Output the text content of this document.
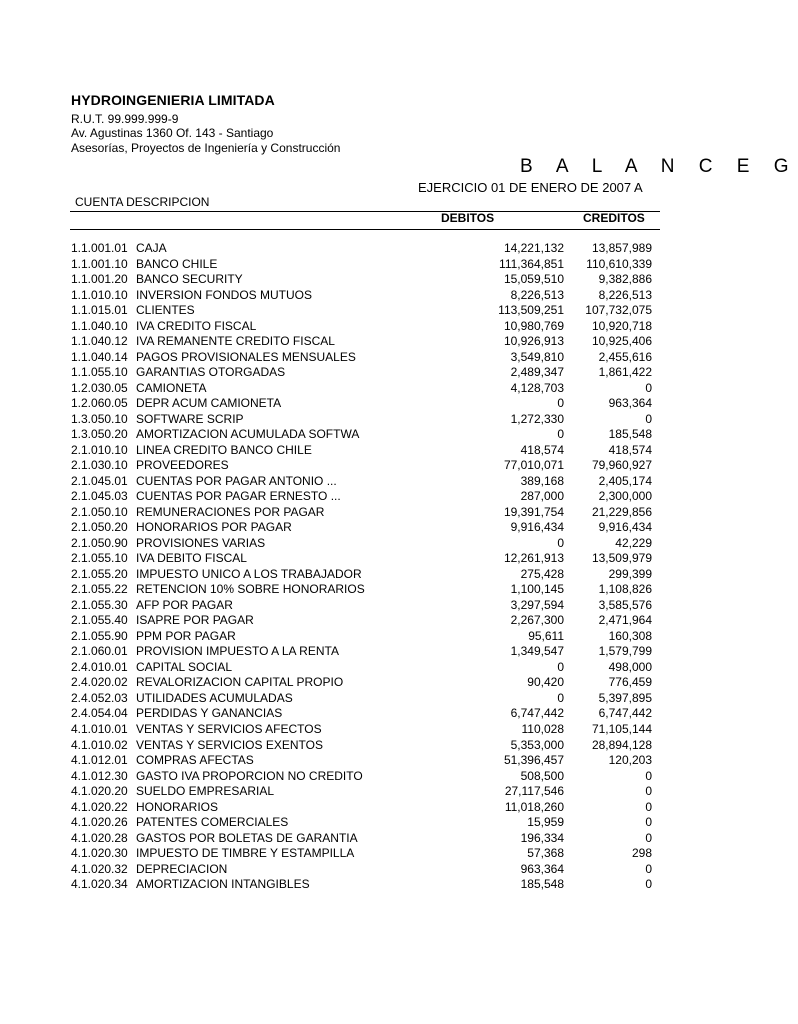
HYDROINGENIERIA LIMITADA
R.U.T. 99.999.999-9
Av. Agustinas 1360 Of. 143 - Santiago
Asesorías, Proyectos de Ingeniería y Construcción
B A L A N C E G
EJERCICIO 01 DE ENERO DE 2007 A
CUENTA DESCRIPCION
DEBITOS	CREDITOS
1.1.001.01 CAJA	14,221,132 13,857,989
1.1.001.10 BANCO CHILE	111,364,851 110,610,339
1.1.001.20 BANCO SECURITY	15,059,510	9,382,886
1.1.010.10 INVERSION FONDOS MUTUOS	8,226,513	8,226,513
1.1.015.01 CLIENTES	113,509,251 107,732,075
1.1.040.10 IVA CREDITO FISCAL	10,980,769 10,920,718
1.1.040.12 IVA REMANENTE CREDITO FISCAL	10,926,913 10,925,406
1.1.040.14 PAGOS PROVISIONALES MENSUALES	3,549,810	2,455,616
1.1.055.10 GARANTIAS OTORGADAS	2,489,347	1,861,422
1.2.030.05 CAMIONETA	4,128,703	0
1.2.060.05 DEPR ACUM CAMIONETA	0	963,364
1.3.050.10 SOFTWARE SCRIP	1,272,330	0
1.3.050.20 AMORTIZACION ACUMULADA SOFTWA	0	185,548
2.1.010.10 LINEA CREDITO BANCO CHILE	418,574	418,574
2.1.030.10 PROVEEDORES	77,010,071 79,960,927
2.1.045.01 CUENTAS POR PAGAR ANTONIO ...	389,168	2,405,174
2.1.045.03 CUENTAS POR PAGAR ERNESTO ...	287,000	2,300,000
2.1.050.10 REMUNERACIONES POR PAGAR	19,391,754 21,229,856
2.1.050.20 HONORARIOS POR PAGAR	9,916,434	9,916,434
2.1.050.90 PROVISIONES VARIAS	0	42,229
2.1.055.10 IVA DEBITO FISCAL	12,261,913 13,509,979
2.1.055.20 IMPUESTO UNICO A LOS TRABAJADOR	275,428	299,399
2.1.055.22 RETENCION 10% SOBRE HONORARIOS	1,100,145	1,108,826
2.1.055.30 AFP POR PAGAR	3,297,594	3,585,576
2.1.055.40 ISAPRE POR PAGAR	2,267,300	2,471,964
2.1.055.90 PPM POR PAGAR	95,611	160,308
2.1.060.01 PROVISION IMPUESTO A LA RENTA	1,349,547	1,579,799
2.4.010.01 CAPITAL SOCIAL	0	498,000
2.4.020.02 REVALORIZACION CAPITAL PROPIO	90,420	776,459
2.4.052.03 UTILIDADES ACUMULADAS	0	5,397,895
2.4.054.04 PERDIDAS Y GANANCIAS	6,747,442	6,747,442
4.1.010.01 VENTAS Y SERVICIOS AFECTOS	110,028 71,105,144
4.1.010.02 VENTAS Y SERVICIOS EXENTOS	5,353,000 28,894,128
4.1.012.01 COMPRAS AFECTAS	51,396,457	120,203
4.1.012.30 GASTO IVA PROPORCION NO CREDITO	508,500	0
4.1.020.20 SUELDO EMPRESARIAL	27,117,546	0
4.1.020.22 HONORARIOS	11,018,260	0
4.1.020.26 PATENTES COMERCIALES	15,959	0
4.1.020.28 GASTOS POR BOLETAS DE GARANTIA	196,334	0
4.1.020.30 IMPUESTO DE TIMBRE Y ESTAMPILLA	57,368	298
4.1.020.32 DEPRECIACION	963,364	0
4.1.020.34 AMORTIZACION INTANGIBLES	185,548	0
